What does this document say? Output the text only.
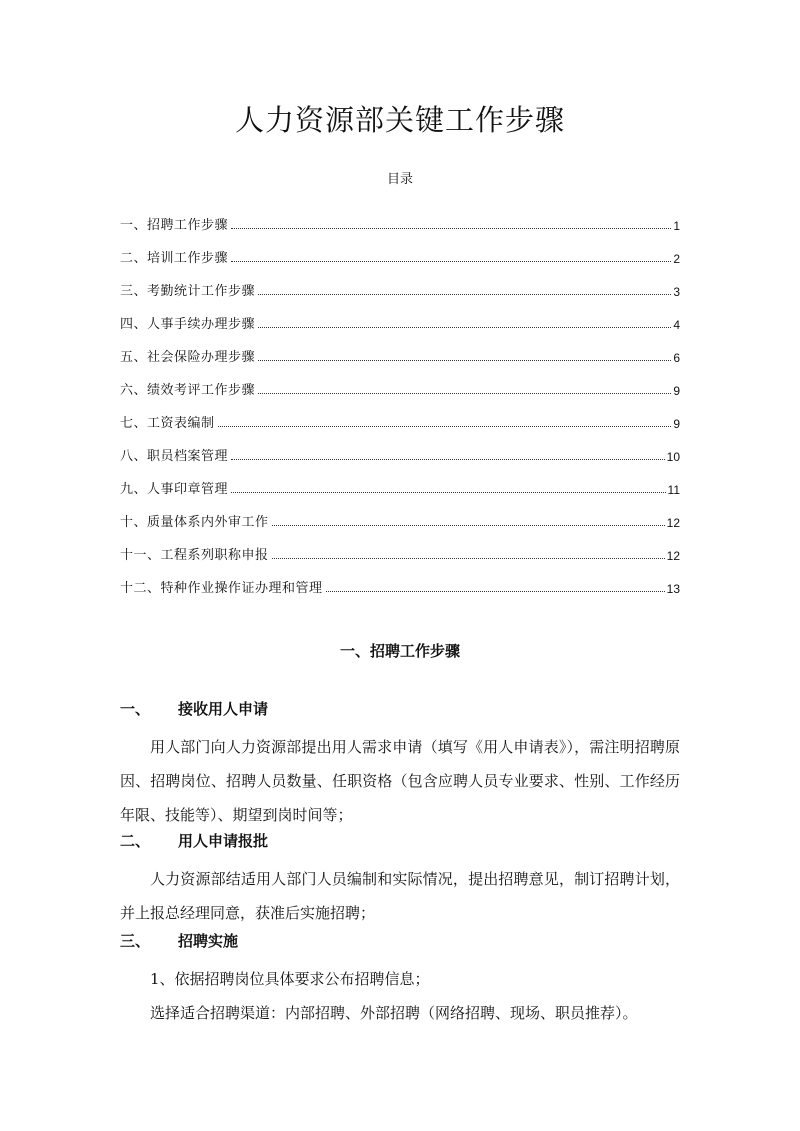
人力资源部关键工作步骤
目录
一、招聘工作步骤	1
二、培训工作步骤	2
三、考勤统计工作步骤	3
四、人事手续办理步骤	4
五、社会保险办理步骤	6
六、绩效考评工作步骤	9
七、工资表编制	9
八、职员档案管理	10
九、人事印章管理	11
十、质量体系内外审工作	12
十一、工程系列职称申报	12
十二、特种作业操作证办理和管理	13
一、招聘工作步骤
一、	接收用人申请

用人部门向人力资源部提出用人需求申请（填写《用人申请表》），需注明招聘原因、招聘岗位、招聘人员数量、任职资格（包含应聘人员专业要求、性别、工作经历年限、技能等）、期望到岗时间等；

二、	用人申请报批

人力资源部结适用人部门人员编制和实际情况，提出招聘意见，制订招聘计划，并上报总经理同意，获准后实施招聘；

三、	招聘实施

1、依据招聘岗位具体要求公布招聘信息；

选择适合招聘渠道：内部招聘、外部招聘（网络招聘、现场、职员推荐）。
